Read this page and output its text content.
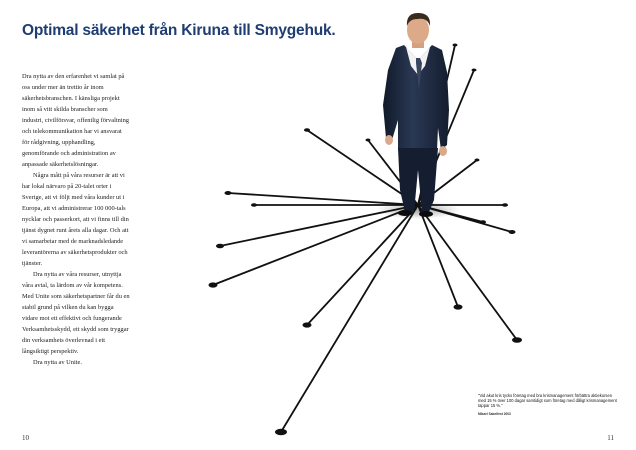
Optimal säkerhet från Kiruna till Smygehuk.

Dra nytta av den erfarenhet vi samlat på oss under mer än trettio år inom säkerhetsbranschen. I känsliga projekt inom så vitt skilda branscher som industri, civilförsvar, offentlig förvaltning och telekommunikation har vi ansvarat för rådgivning, upphandling, genomförande och administration av anpassade säkerhetslösningar.

Några mått på våra resurser är att vi har lokal närvaro på 20-talet orter i Sverige, att vi följt med våra kunder ut i Europa, att vi administrerar 100 000-tals nycklar och passerkort, att vi finns till din tjänst dygnet runt årets alla dagar. Och att vi samarbetar med de marknadsledande leverantörerna av säkerhetsprodukter och tjänster.

Dra nytta av våra resurser, utnyttja våra avtal, ta lärdom av vår kompetens. Med Unite som säkerhetspartner får du en stabil grund på vilken du kan bygga vidare mot ett effektivt och fungerande Verksamhetsskydd, ett skydd som tryggar din verksamhets överlevnad i ett långsiktigt perspektiv.

Dra nytta av Unite.

"Vid akut kris tycks företag med bra krismanagement förbättra aktiekursen med 15 % över 100 dagar samtidigt som företag med dåligt krismanagement tappar 15 %."
Mikael Sabelfest 2003
10	11
